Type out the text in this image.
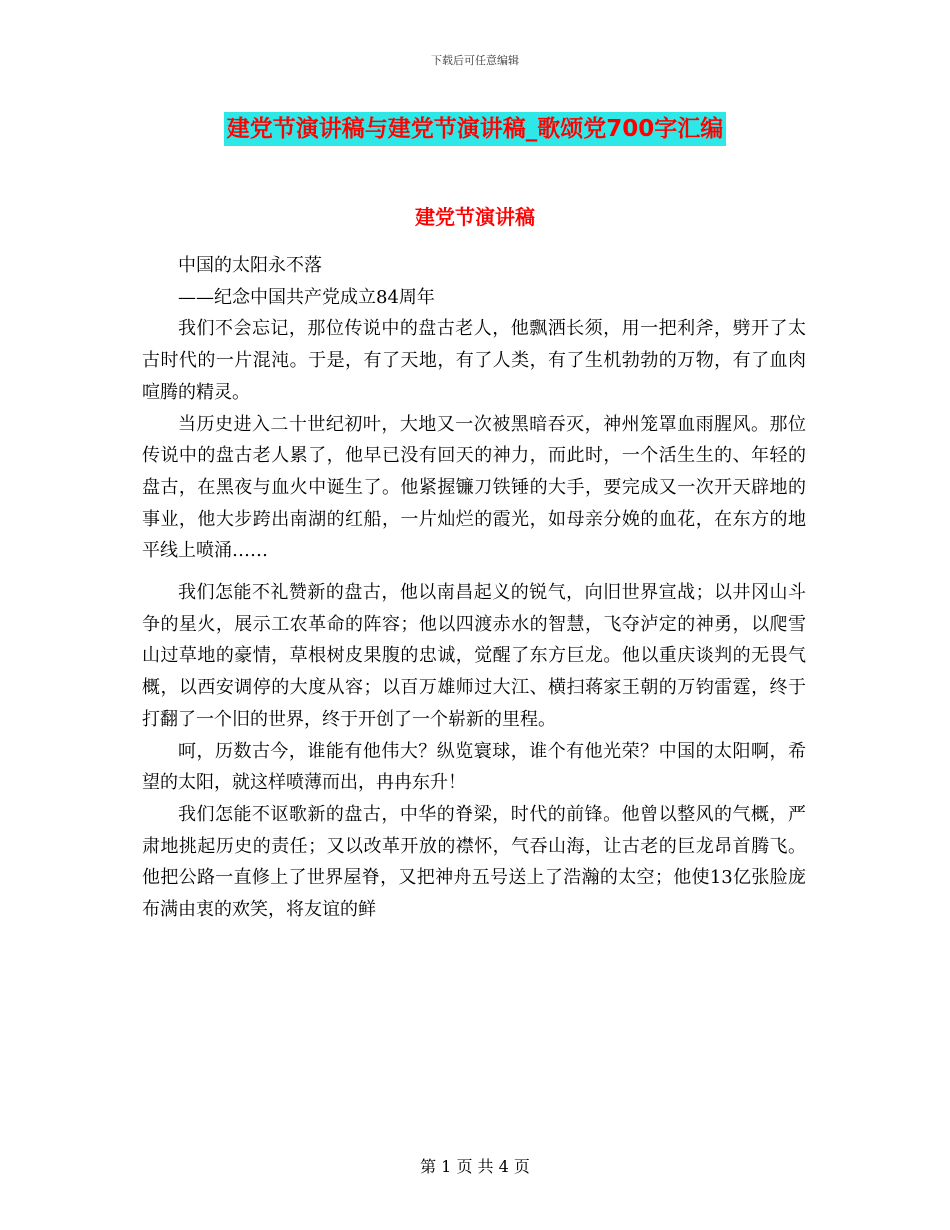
下载后可任意编辑
建党节演讲稿与建党节演讲稿_歌颂党700字汇编
建党节演讲稿

中国的太阳永不落

——纪念中国共产党成立84周年

我们不会忘记，那位传说中的盘古老人，他飘洒长须，用一把利斧，劈开了太古时代的一片混沌。于是，有了天地，有了人类，有了生机勃勃的万物，有了血肉喧腾的精灵。

当历史进入二十世纪初叶，大地又一次被黑暗吞灭，神州笼罩血雨腥风。那位传说中的盘古老人累了，他早已没有回天的神力，而此时，一个活生生的、年轻的盘古，在黑夜与血火中诞生了。他紧握镰刀铁锤的大手，要完成又一次开天辟地的事业，他大步跨出南湖的红船，一片灿烂的霞光，如母亲分娩的血花，在东方的地平线上喷涌……

我们怎能不礼赞新的盘古，他以南昌起义的锐气，向旧世界宣战；以井冈山斗争的星火，展示工农革命的阵容；他以四渡赤水的智慧，飞夺泸定的神勇，以爬雪山过草地的豪情，草根树皮果腹的忠诚，觉醒了东方巨龙。他以重庆谈判的无畏气概，以西安调停的大度从容；以百万雄师过大江、横扫蒋家王朝的万钧雷霆，终于打翻了一个旧的世界，终于开创了一个崭新的里程。

呵，历数古今，谁能有他伟大？纵览寰球，谁个有他光荣？中国的太阳啊，希望的太阳，就这样喷薄而出，冉冉东升！

我们怎能不讴歌新的盘古，中华的脊梁，时代的前锋。他曾以整风的气概，严肃地挑起历史的责任；又以改革开放的襟怀，气吞山海，让古老的巨龙昂首腾飞。他把公路一直修上了世界屋脊，又把神舟五号送上了浩瀚的太空；他使13亿张脸庞布满由衷的欢笑，将友谊的鲜

第 1 页 共 4 页
